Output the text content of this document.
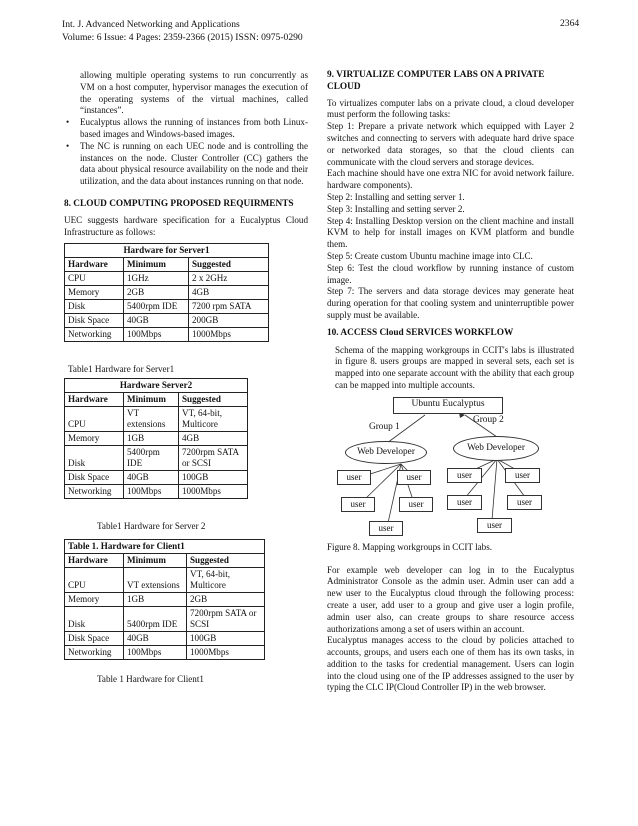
Int. J. Advanced Networking and Applications
Volume: 6 Issue: 4 Pages: 2359-2366 (2015) ISSN: 0975-0290
2364

allowing multiple operating systems to run concurrently as VM on a host computer, hypervisor manages the execution of the operating systems of the virtual machines, called “instances”.

• Eucalyptus allows the running of instances from both Linux-based images and Windows-based images.
• The NC is running on each UEC node and is controlling the instances on the node. Cluster Controller (CC) gathers the data about physical resource availability on the node and their utilization, and the data about instances running on that node.
8. CLOUD COMPUTING PROPOSED REQUIRMENTS

UEC suggests hardware specification for a Eucalyptus Cloud Infrastructure as follows:

Hardware for Server1		
Hardware	Minimum	Suggested
CPU	1GHz	2 x 2GHz
Memory	2GB	4GB
Disk	5400rpm IDE	7200 rpm SATA
Disk Space	40GB	200GB
Networking	100Mbps	1000Mbps

Table1 Hardware for Server1

Hardware Server2		
Hardware	Minimum	Suggested
CPU	VT extensions	VT, 64-bit, Multicore
Memory	1GB	4GB
Disk	5400rpm IDE	7200rpm SATA or SCSI
Disk Space	40GB	100GB
Networking	100Mbps	1000Mbps

Table1 Hardware for Server 2

Table 1. Hardware for Client1		
Hardware	Minimum	Suggested
CPU	VT extensions	VT, 64-bit, Multicore
Memory	1GB	2GB
Disk	5400rpm IDE	7200rpm SATA or SCSI
Disk Space	40GB	100GB
Networking	100Mbps	1000Mbps

Table 1 Hardware for Client1

9. VIRTUALIZE COMPUTER LABS ON A PRIVATE CLOUD

To virtualizes computer labs on a private cloud, a cloud developer must perform the following tasks:

Step 1: Prepare a private network which equipped with Layer 2 switches and connecting to servers with adequate hard drive space or networked data storages, so that the cloud clients can communicate with the cloud servers and storage devices.

Each machine should have one extra NIC for avoid network failure. hardware components).

Step 2: Installing and setting server 1.

Step 3: Installing and setting server 2.

Step 4: Installing Desktop version on the client machine and install KVM to help for install images on KVM platform and bundle them.

Step 5: Create custom Ubuntu machine image into CLC.

Step 6: Test the cloud workflow by running instance of custom image.

Step 7: The servers and data storage devices may generate heat during operation for that cooling system and uninterruptible power supply must be available.

10. ACCESS Cloud SERVICES WORKFLOW

Schema of the mapping workgroups in CCIT's labs is illustrated in figure 8. users groups are mapped in several sets, each set is mapped into one separate account with the ability that each group can be mapped into multiple accounts.

Ubuntu Eucalyptus
Group 1
Group 2
Web Developer	Web Developer
user	user
user	user
user
user	user
user	user
user

Figure 8. Mapping workgroups in CCIT labs.

For example web developer can log in to the Eucalyptus Administrator Console as the admin user. Admin user can add a new user to the Eucalyptus cloud through the following process: create a user, add user to a group and give user a login profile, admin user also, can create groups to share resource access authorizations among a set of users within an account.

Eucalyptus manages access to the cloud by policies attached to accounts, groups, and users each one of them has its own tasks, in addition to the tasks for credential management. Users can login into the cloud using one of the IP addresses assigned to the user by typing the CLC IP(Cloud Controller IP) in the web browser.
